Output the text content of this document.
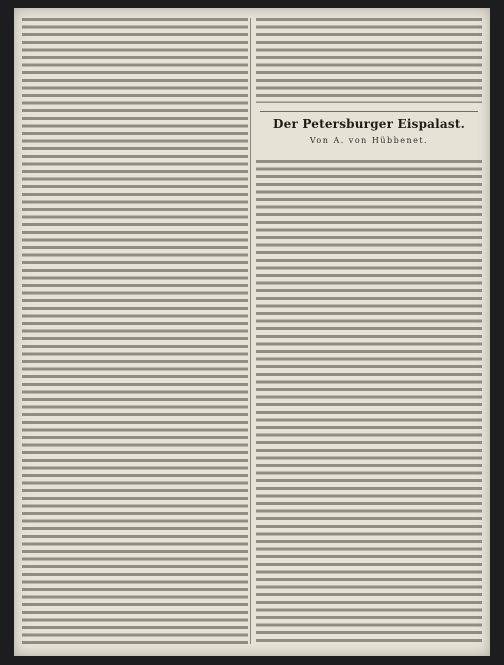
Der Petersburger Eispalast.
Von A. von Hübbenet.
